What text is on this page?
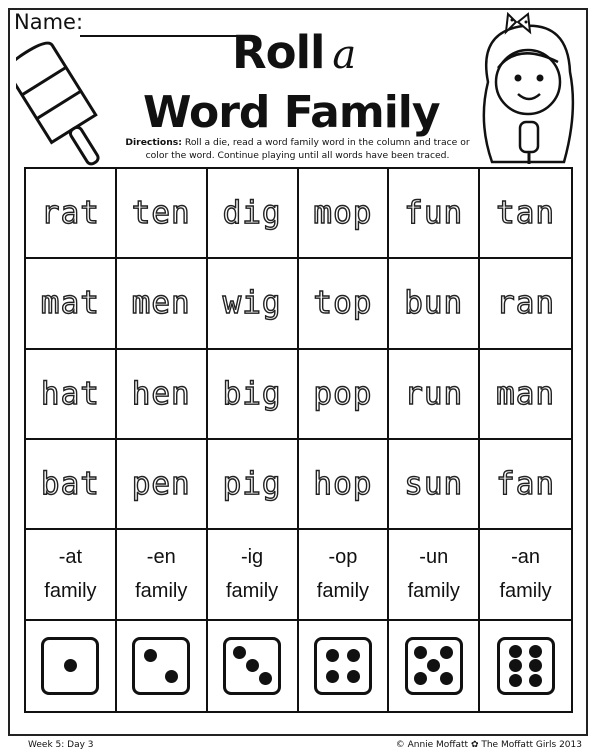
Name:
Roll a
Word Family
Directions: Roll a die, read a word family word in the column and trace or color the word. Continue playing until all words have been traced.
rat ten dig mop fun tan
mat men wig top bun ran
hat hen big pop run man
bat pen pig hop sun fan
-at
family
-en
family
-ig
family
-op
family
-un
family
-an
family
Week 5: Day 3	© Annie Moffatt ✿ The Moffatt Girls 2013
